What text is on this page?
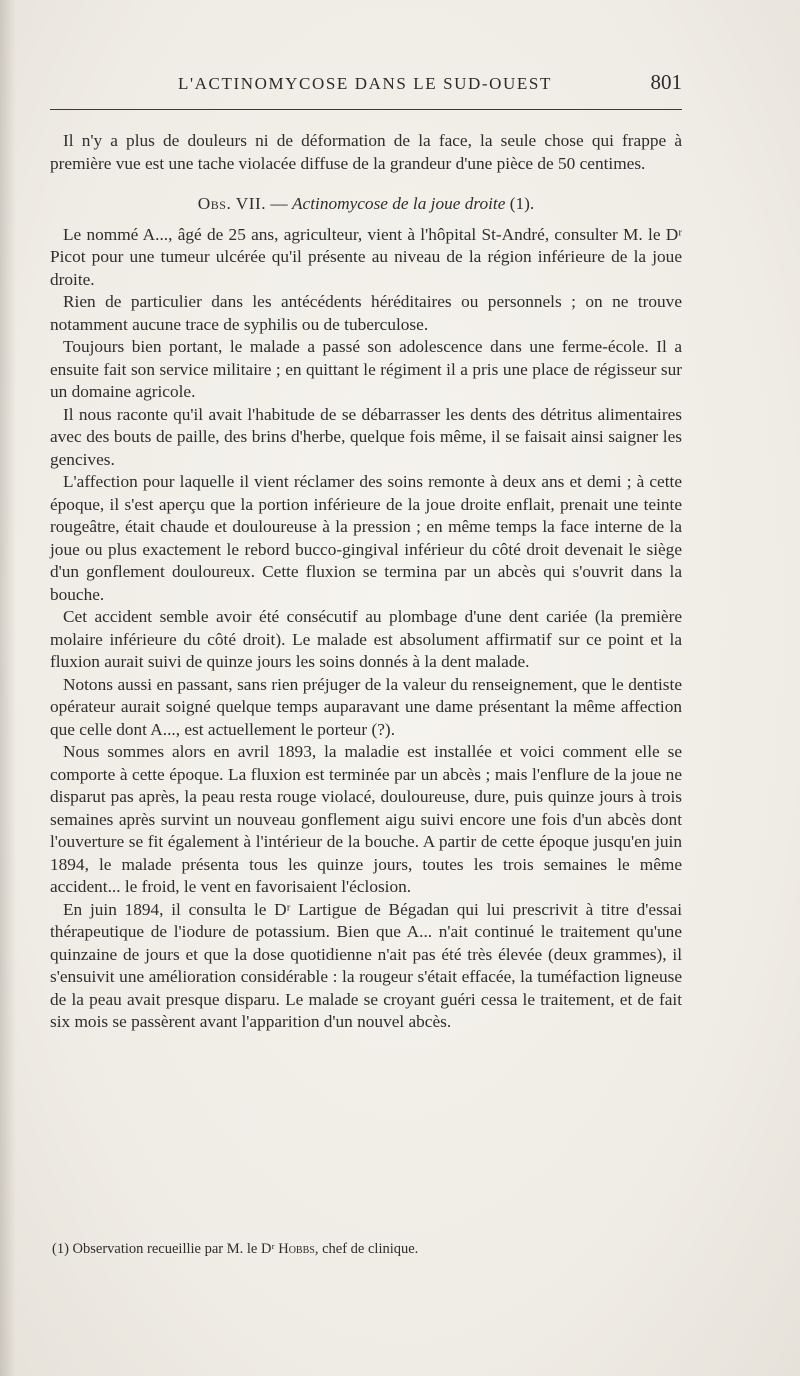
L'ACTINOMYCOSE DANS LE SUD-OUEST	801

Il n'y a plus de douleurs ni de déformation de la face, la seule chose qui frappe à première vue est une tache violacée diffuse de la grandeur d'une pièce de 50 centimes.

Obs. VII. — Actinomycose de la joue droite (1).

Le nommé A..., âgé de 25 ans, agriculteur, vient à l'hôpital St-André, consulter M. le Dʳ Picot pour une tumeur ulcérée qu'il présente au niveau de la région inférieure de la joue droite.

Rien de particulier dans les antécédents héréditaires ou personnels ; on ne trouve notamment aucune trace de syphilis ou de tuberculose.

Toujours bien portant, le malade a passé son adolescence dans une ferme-école. Il a ensuite fait son service militaire ; en quittant le régiment il a pris une place de régisseur sur un domaine agricole.

Il nous raconte qu'il avait l'habitude de se débarrasser les dents des détritus alimentaires avec des bouts de paille, des brins d'herbe, quelque fois même, il se faisait ainsi saigner les gencives.

L'affection pour laquelle il vient réclamer des soins remonte à deux ans et demi ; à cette époque, il s'est aperçu que la portion inférieure de la joue droite enflait, prenait une teinte rougeâtre, était chaude et douloureuse à la pression ; en même temps la face interne de la joue ou plus exactement le rebord bucco-gingival inférieur du côté droit devenait le siège d'un gonflement douloureux. Cette fluxion se termina par un abcès qui s'ouvrit dans la bouche.

Cet accident semble avoir été consécutif au plombage d'une dent cariée (la première molaire inférieure du côté droit). Le malade est absolument affirmatif sur ce point et la fluxion aurait suivi de quinze jours les soins donnés à la dent malade.

Notons aussi en passant, sans rien préjuger de la valeur du renseignement, que le dentiste opérateur aurait soigné quelque temps auparavant une dame présentant la même affection que celle dont A..., est actuellement le porteur (?).

Nous sommes alors en avril 1893, la maladie est installée et voici comment elle se comporte à cette époque. La fluxion est terminée par un abcès ; mais l'enflure de la joue ne disparut pas après, la peau resta rouge violacé, douloureuse, dure, puis quinze jours à trois semaines après survint un nouveau gonflement aigu suivi encore une fois d'un abcès dont l'ouverture se fit également à l'intérieur de la bouche. A partir de cette époque jusqu'en juin 1894, le malade présenta tous les quinze jours, toutes les trois semaines le même accident... le froid, le vent en favorisaient l'éclosion.

En juin 1894, il consulta le Dʳ Lartigue de Bégadan qui lui prescrivit à titre d'essai thérapeutique de l'iodure de potassium. Bien que A... n'ait continué le traitement qu'une quinzaine de jours et que la dose quotidienne n'ait pas été très élevée (deux grammes), il s'ensuivit une amélioration considérable : la rougeur s'était effacée, la tuméfaction ligneuse de la peau avait presque disparu. Le malade se croyant guéri cessa le traitement, et de fait six mois se passèrent avant l'apparition d'un nouvel abcès.

(1) Observation recueillie par M. le Dʳ Hobbs, chef de clinique.
